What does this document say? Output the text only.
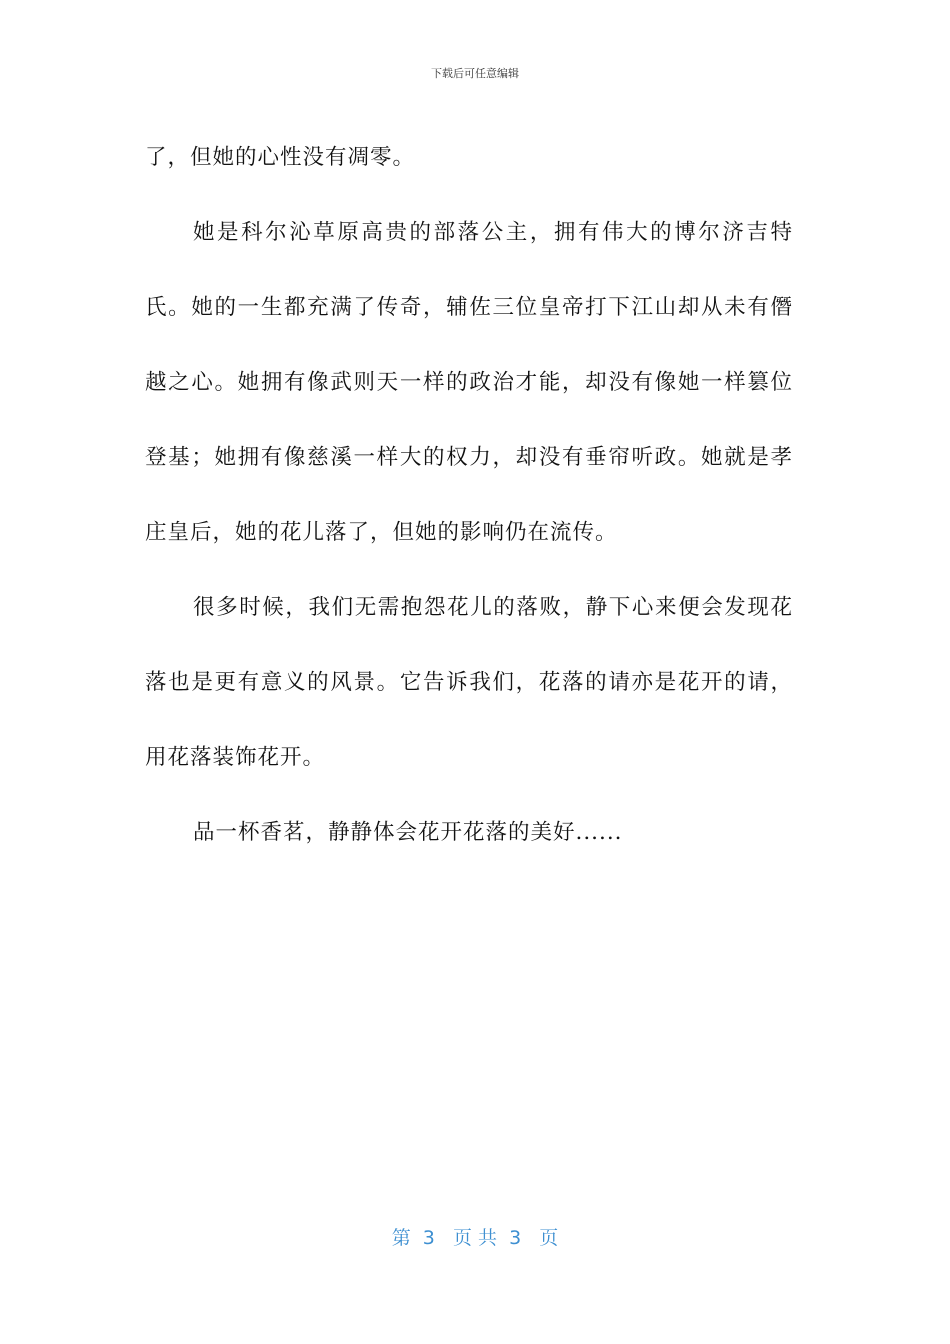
下载后可任意编辑

了，但她的心性没有凋零。

她是科尔沁草原高贵的部落公主，拥有伟大的博尔济吉特氏。她的一生都充满了传奇，辅佐三位皇帝打下江山却从未有僭越之心。她拥有像武则天一样的政治才能，却没有像她一样篡位登基；她拥有像慈溪一样大的权力，却没有垂帘听政。她就是孝庄皇后，她的花儿落了，但她的影响仍在流传。

很多时候，我们无需抱怨花儿的落败，静下心来便会发现花落也是更有意义的风景。它告诉我们，花落的请亦是花开的请，用花落装饰花开。

品一杯香茗，静静体会花开花落的美好......

第  3   页 共  3   页
